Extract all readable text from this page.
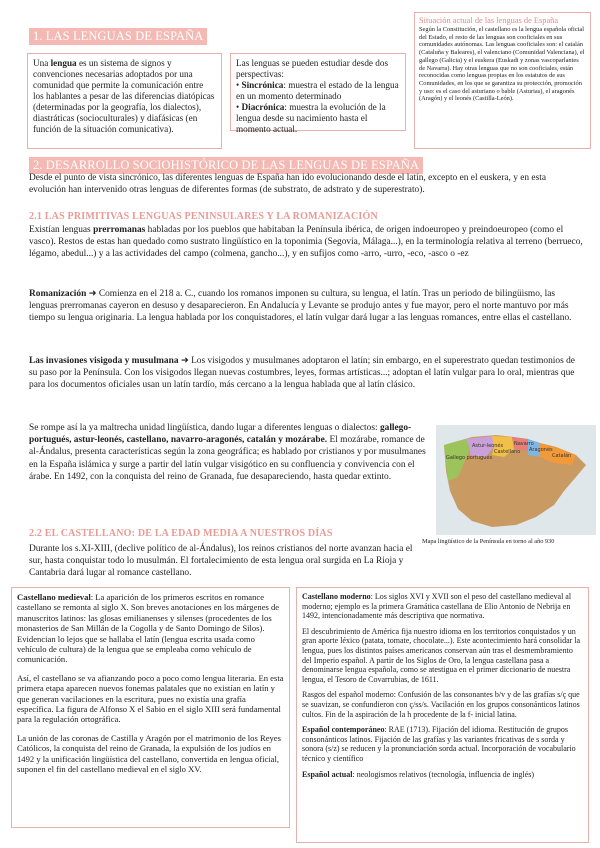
1. LAS LENGUAS DE ESPAÑA
Una lengua es un sistema de signos y convenciones necesarias adoptados por una comunidad que permite la comunicación entre los hablantes a pesar de las diferencias diatópicas (determinadas por la geografía, los dialectos), diastráticas (socioculturales) y diafásicas (en función de la situación comunicativa).
Las lenguas se pueden estudiar desde dos perspectivas:
• Sincrónica: muestra el estado de la lengua en un momento determinado
• Diacrónica: muestra la evolución de la lengua desde su nacimiento hasta el momento actual.
Situación actual de las lenguas de España
Según la Constitución, el castellano es la lengua española oficial del Estado, el resto de las lenguas son cooficiales en sus comunidades autónomas. Las lenguas cooficiales son: el catalán (Cataluña y Baleares), el valenciano (Comunidad Valenciana), el gallego (Galicia) y el euskera (Euskadi y zonas vascoparlantes de Navarra). Hay otras lenguas que no son cooficiales, están reconocidas como lenguas propias en los estatutos de sus Comunidades, en los que se garantiza su protección, promoción y uso: es el caso del asturiano o bable (Asturias), el aragonés (Aragón) y el leonés (Castilla-León).
2. DESARROLLO SOCIOHISTÓRICO DE LAS LENGUAS DE ESPAÑA
Desde el punto de vista sincrónico, las diferentes lenguas de España han ido evolucionando desde el latín, excepto en el euskera, y en esta evolución han intervenido otras lenguas de diferentes formas (de substrato, de adstrato y de superestrato).
2.1 LAS PRIMITIVAS LENGUAS PENINSULARES Y LA ROMANIZACIÓN
Existían lenguas prerromanas habladas por los pueblos que habitaban la Península ibérica, de origen indoeuropeo y preindoeuropeo (como el vasco). Restos de estas han quedado como sustrato lingüístico en la toponimia (Segovia, Málaga...), en la terminología relativa al terreno (berrueco, légamo, abedul...) y a las actividades del campo (colmena, gancho...), y en sufijos como -arro, -urro, -eco, -asco o -ez
Romanización ➜ Comienza en el 218 a. C., cuando los romanos imponen su cultura, su lengua, el latín. Tras un periodo de bilingüismo, las lenguas prerromanas cayeron en desuso y desaparecieron. En Andalucía y Levante se produjo antes y fue mayor, pero el norte mantuvo por más tiempo su lengua originaria. La lengua hablada por los conquistadores, el latín vulgar dará lugar a las lenguas romances, entre ellas el castellano.
Las invasiones visigoda y musulmana ➜ Los visigodos y musulmanes adoptaron el latín; sin embargo, en el superestrato quedan testimonios de su paso por la Península. Con los visigodos llegan nuevas costumbres, leyes, formas artísticas...; adoptan el latín vulgar para lo oral, mientras que para los documentos oficiales usan un latín tardío, más cercano a la lengua hablada que al latín clásico.
Se rompe así la ya maltrecha unidad lingüística, dando lugar a diferentes lenguas o dialectos: gallego-portugués, astur-leonés, castellano, navarro-aragonés, catalán y mozárabe. El mozárabe, romance de al-Ándalus, presenta características según la zona geográfica; es hablado por cristianos y por musulmanes en la España islámica y surge a partir del latín vulgar visigótico en su confluencia y convivencia con el árabe. En 1492, con la conquista del reino de Granada, fue desapareciendo, hasta quedar extinto.
Gallego portugués
Astur-leonés
Castellano
Navarro
Aragonés
Catalán
Mapa lingüístico de la Península en torno al año 930
2.2 EL CASTELLANO: DE LA EDAD MEDIA A NUESTROS DÍAS
Durante los s.XI-XIII, (declive político de al-Ándalus), los reinos cristianos del norte avanzan hacia el sur, hasta conquistar todo lo musulmán. El fortalecimiento de esta lengua oral surgida en La Rioja y Cantabria dará lugar al romance castellano.
Castellano medieval: La aparición de los primeros escritos en romance castellano se remonta al siglo X. Son breves anotaciones en los márgenes de manuscritos latinos: las glosas emilianenses y silenses (procedentes de los monasterios de San Millán de la Cogolla y de Santo Domingo de Silos). Evidencian lo lejos que se hallaba el latín (lengua escrita usada como vehículo de cultura) de la lengua que se empleaba como vehículo de comunicación.
Así, el castellano se va afianzando poco a poco como lengua literaria. En esta primera etapa aparecen nuevos fonemas palatales que no existían en latín y que generan vacilaciones en la escritura, pues no existía una grafía específica. La figura de Alfonso X el Sabio en el siglo XIII será fundamental para la regulación ortográfica.
La unión de las coronas de Castilla y Aragón por el matrimonio de los Reyes Católicos, la conquista del reino de Granada, la expulsión de los judíos en 1492 y la unificación lingüística del castellano, convertida en lengua oficial, suponen el fin del castellano medieval en el siglo XV.
Castellano moderno: Los siglos XVI y XVII son el peso del castellano medieval al moderno; ejemplo es la primera Gramática castellana de Elio Antonio de Nebrija en 1492, intencionadamente más descriptiva que normativa.
El descubrimiento de América fija nuestro idioma en los territorios conquistados y un gran aporte léxico (patata, tomate, chocolate...). Este acontecimiento hará consolidar la lengua, pues los distintos países americanos conservan aún tras el desmembramiento del Imperio español. A partir de los Siglos de Oro, la lengua castellana pasa a denominarse lengua española, como se atestigua en el primer diccionario de nuestra lengua, el Tesoro de Covarrubias, de 1611.
Rasgos del español moderno: Confusión de las consonantes b/v y de las grafías s/ç que se suavizan, se confundieron con ç/ss/s. Vacilación en los grupos consonánticos latinos cultos. Fin de la aspiración de la h procedente de la f- inicial latina.
Español contemporáneo: RAE (1713). Fijación del idioma. Restitución de grupos consonánticos latinos. Fijación de las grafías y las variantes fricativas de s sorda y sonora (s/z) se reducen y la pronunciación sorda actual. Incorporación de vocabulario técnico y científico
Español actual: neologismos relativos (tecnología, influencia de inglés)
